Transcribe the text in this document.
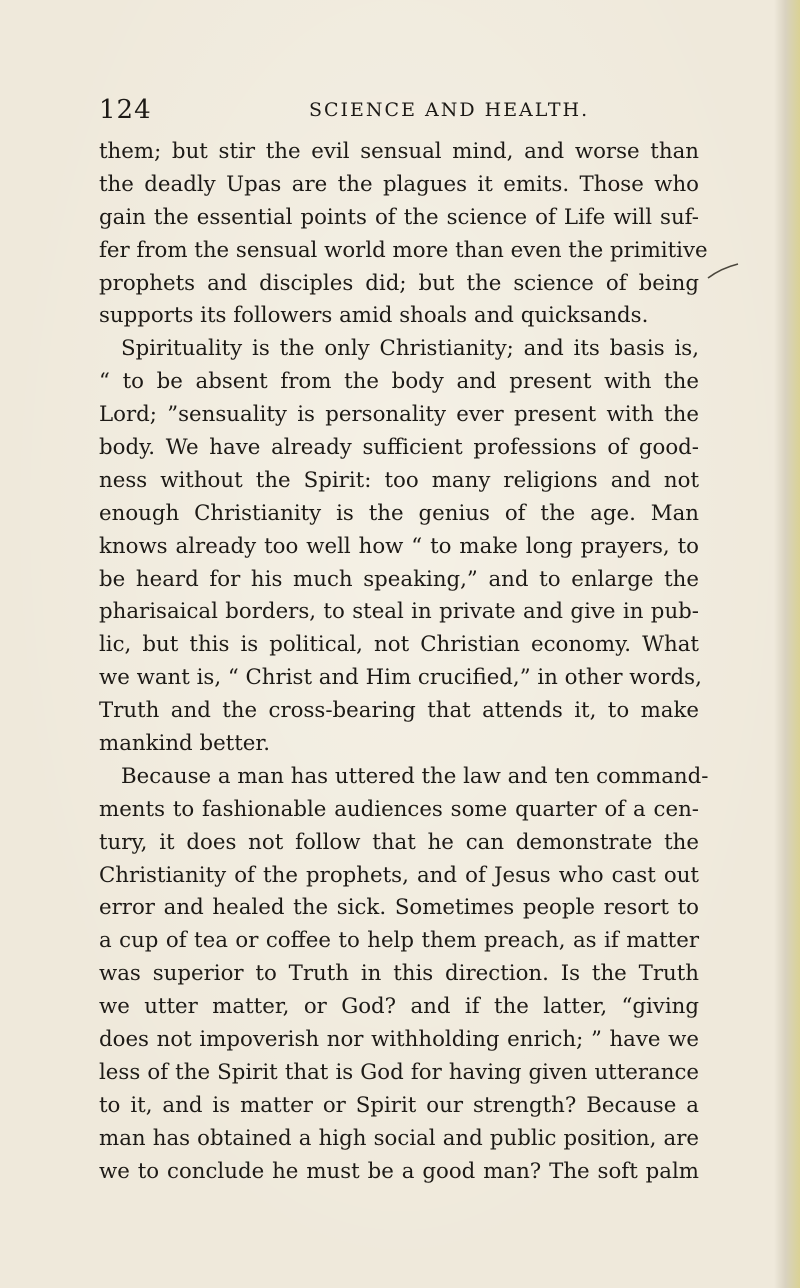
124	SCIENCE AND HEALTH.
them; but stir the evil sensual mind, and worse than
the deadly Upas are the plagues it emits. Those who
gain the essential points of the science of Life will suf-
fer from the sensual world more than even the primitive
prophets and disciples did; but the science of being
supports its followers amid shoals and quicksands.
Spirituality is the only Christianity; and its basis is,
“ to be absent from the body and present with the
Lord; ”sensuality is personality ever present with the
body. We have already sufficient professions of good-
ness without the Spirit: too many religions and not
enough Christianity is the genius of the age. Man
knows already too well how “ to make long prayers, to
be heard for his much speaking,” and to enlarge the
pharisaical borders, to steal in private and give in pub-
lic, but this is political, not Christian economy. What
we want is, “ Christ and Him crucified,” in other words,
Truth and the cross-bearing that attends it, to make
mankind better.
Because a man has uttered the law and ten command-
ments to fashionable audiences some quarter of a cen-
tury, it does not follow that he can demonstrate the
Christianity of the prophets, and of Jesus who cast out
error and healed the sick. Sometimes people resort to
a cup of tea or coffee to help them preach, as if matter
was superior to Truth in this direction. Is the Truth
we utter matter, or God? and if the latter, “giving
does not impoverish nor withholding enrich; ” have we
less of the Spirit that is God for having given utterance
to it, and is matter or Spirit our strength? Because a
man has obtained a high social and public position, are
we to conclude he must be a good man? The soft palm
